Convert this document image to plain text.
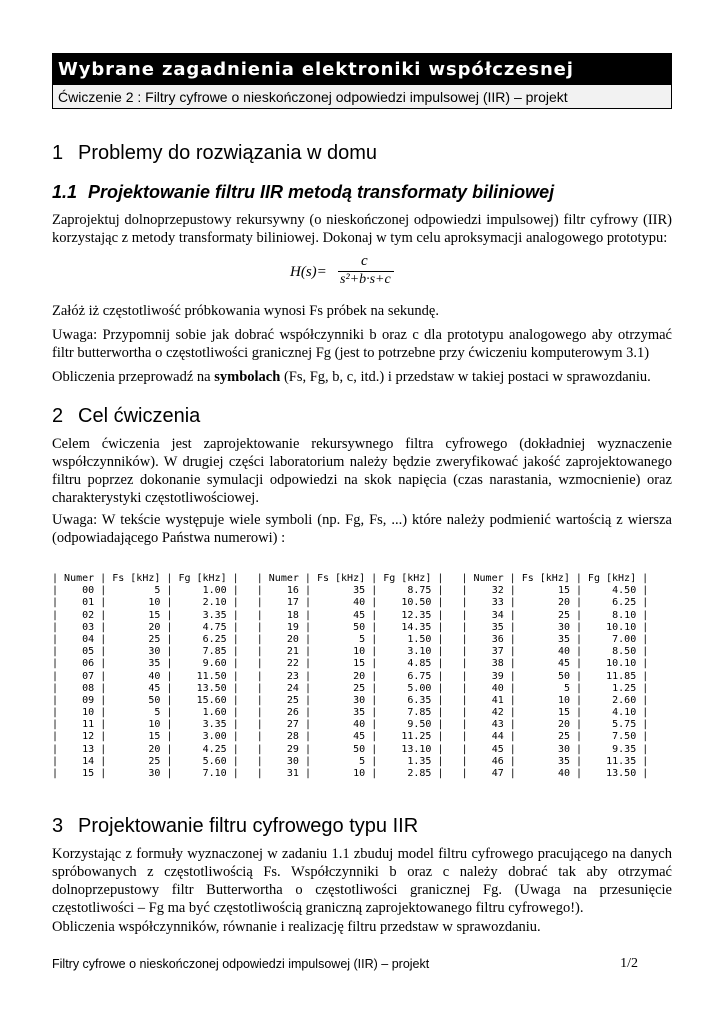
Wybrane zagadnienia elektroniki współczesnej
Ćwiczenie 2 : Filtry cyfrowe o nieskończonej odpowiedzi impulsowej (IIR) – projekt
1 Problemy do rozwiązania w domu
1.1 Projektowanie filtru IIR metodą transformaty biliniowej
Zaprojektuj dolnoprzepustowy rekursywny (o nieskończonej odpowiedzi impulsowej) filtr cyfrowy (IIR) korzystając z metody transformaty biliniowej. Dokonaj w tym celu aproksymacji analogowego prototypu:
H(s)=
c
s²+b·s+c
Załóż iż częstotliwość próbkowania wynosi Fs próbek na sekundę.
Uwaga: Przypomnij sobie jak dobrać współczynniki b oraz c dla prototypu analogowego aby otrzymać filtr butterwortha o częstotliwości granicznej Fg (jest to potrzebne przy ćwiczeniu komputerowym 3.1)
Obliczenia przeprowadź na symbolach (Fs, Fg, b, c, itd.) i przedstaw w takiej postaci w sprawozdaniu.
2 Cel ćwiczenia
Celem ćwiczenia jest zaprojektowanie rekursywnego filtra cyfrowego (dokładniej wyznaczenie współczynników). W drugiej części laboratorium należy będzie zweryfikować jakość zaprojektowanego filtru poprzez dokonanie symulacji odpowiedzi na skok napięcia (czas narastania, wzmocnienie) oraz charakterystyki częstotliwościowej.
Uwaga: W tekście występuje wiele symboli (np. Fg, Fs, ...) które należy podmienić wartością z wiersza (odpowiadającego Państwa numerowi) :
| Numer | Fs [kHz] | Fg [kHz] | | Numer | Fs [kHz] | Fg [kHz] | | Numer | Fs [kHz] | Fg [kHz] |
| 00 |	5 |	1.00 | | 16 |	35 |	8.75 | | 32 |	15 |	4.50 |
| 01 |	10 |	2.10 | | 17 |	40 | 10.50 | | 33 |	20 |	6.25 |
| 02 |	15 |	3.35 | | 18 |	45 | 12.35 | | 34 |	25 |	8.10 |
| 03 |	20 |	4.75 | | 19 |	50 | 14.35 | | 35 |	30 | 10.10 |
| 04 |	25 |	6.25 | | 20 |	5 |	1.50 | | 36 |	35 |	7.00 |
| 05 |	30 |	7.85 | | 21 |	10 |	3.10 | | 37 |	40 |	8.50 |
| 06 |	35 |	9.60 | | 22 |	15 |	4.85 | | 38 |	45 | 10.10 |
| 07 |	40 | 11.50 | | 23 |	20 |	6.75 | | 39 |	50 | 11.85 |
| 08 |	45 | 13.50 | | 24 |	25 |	5.00 | | 40 |	5 |	1.25 |
| 09 |	50 | 15.60 | | 25 |	30 |	6.35 | | 41 |	10 |	2.60 |
| 10 |	5 |	1.60 | | 26 |	35 |	7.85 | | 42 |	15 |	4.10 |
| 11 |	10 |	3.35 | | 27 |	40 |	9.50 | | 43 |	20 |	5.75 |
| 12 |	15 |	3.00 | | 28 |	45 | 11.25 | | 44 |	25 |	7.50 |
| 13 |	20 |	4.25 | | 29 |	50 | 13.10 | | 45 |	30 |	9.35 |
| 14 |	25 |	5.60 | | 30 |	5 |	1.35 | | 46 |	35 | 11.35 |
| 15 |	30 |	7.10 | | 31 |	10 |	2.85 | | 47 |	40 | 13.50 |
3 Projektowanie filtru cyfrowego typu IIR
Korzystając z formuły wyznaczonej w zadaniu 1.1 zbuduj model filtru cyfrowego pracującego na danych spróbowanych z częstotliwością Fs. Współczynniki b oraz c należy dobrać tak aby otrzymać dolnoprzepustowy filtr Butterwortha o częstotliwości granicznej Fg. (Uwaga na przesunięcie częstotliwości – Fg ma być częstotliwością graniczną zaprojektowanego filtru cyfrowego!).
Obliczenia współczynników, równanie i realizację filtru przedstaw w sprawozdaniu.
Filtry cyfrowe o nieskończonej odpowiedzi impulsowej (IIR) – projekt	1/2
